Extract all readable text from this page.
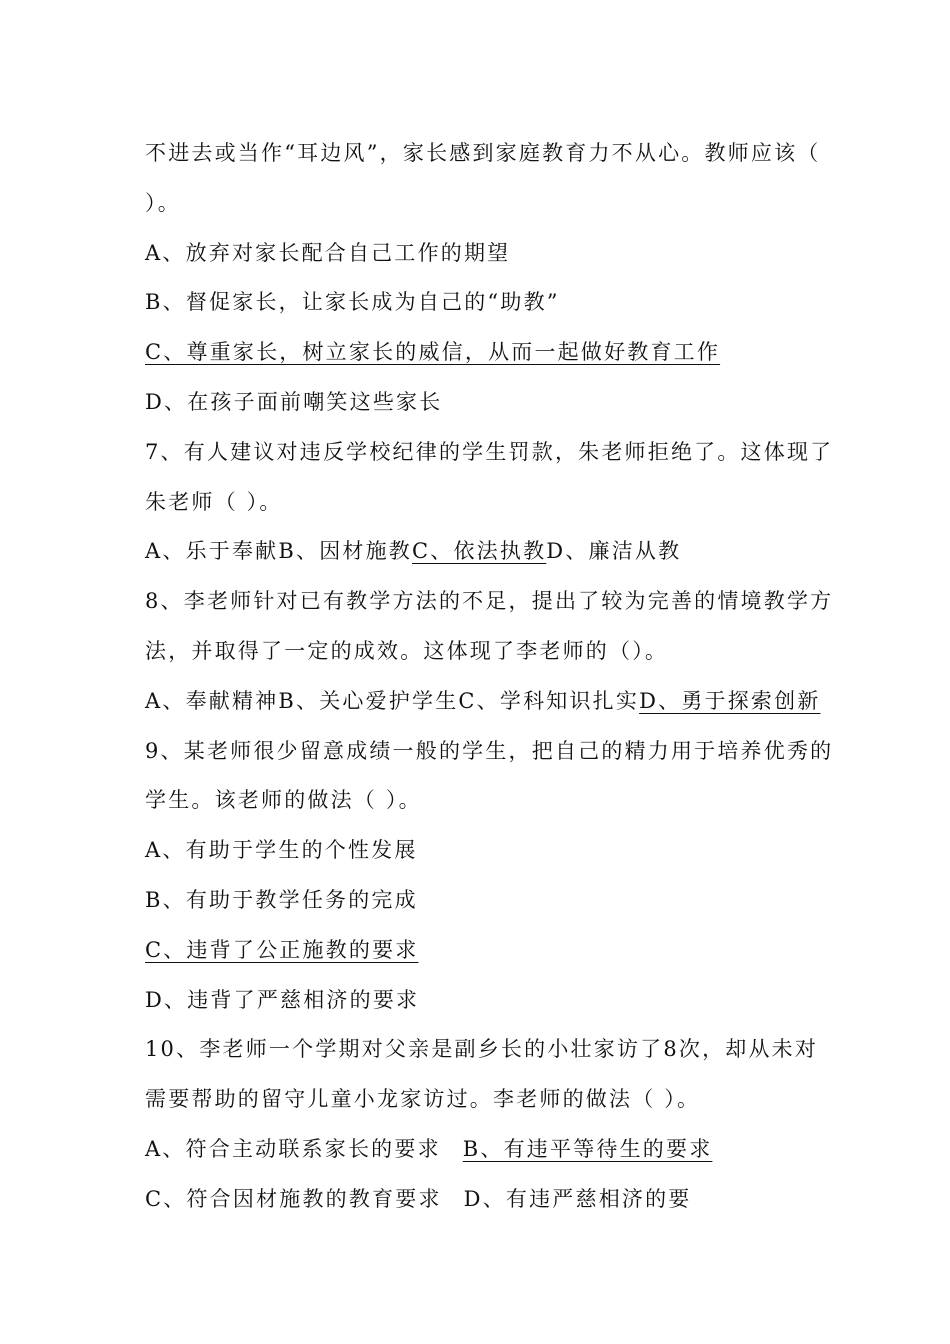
不进去或当作“耳边风”，家长感到家庭教育力不从心。教师应该（
）。
A、放弃对家长配合自己工作的期望
B、督促家长，让家长成为自己的“助教”
C、尊重家长，树立家长的威信，从而一起做好教育工作
D、在孩子面前嘲笑这些家长
7、有人建议对违反学校纪律的学生罚款，朱老师拒绝了。这体现了
朱老师（ ）。
A、乐于奉献B、因材施教C、依法执教D、廉洁从教
8、李老师针对已有教学方法的不足，提出了较为完善的情境教学方
法，并取得了一定的成效。这体现了李老师的（）。
A、奉献精神B、关心爱护学生C、学科知识扎实D、勇于探索创新
9、某老师很少留意成绩一般的学生，把自己的精力用于培养优秀的
学生。该老师的做法（ ）。
A、有助于学生的个性发展
B、有助于教学任务的完成
C、违背了公正施教的要求
D、违背了严慈相济的要求
10、李老师一个学期对父亲是副乡长的小壮家访了8次，却从未对
需要帮助的留守儿童小龙家访过。李老师的做法（ ）。
A、符合主动联系家长的要求 B、有违平等待生的要求
C、符合因材施教的教育要求 D、有违严慈相济的要
